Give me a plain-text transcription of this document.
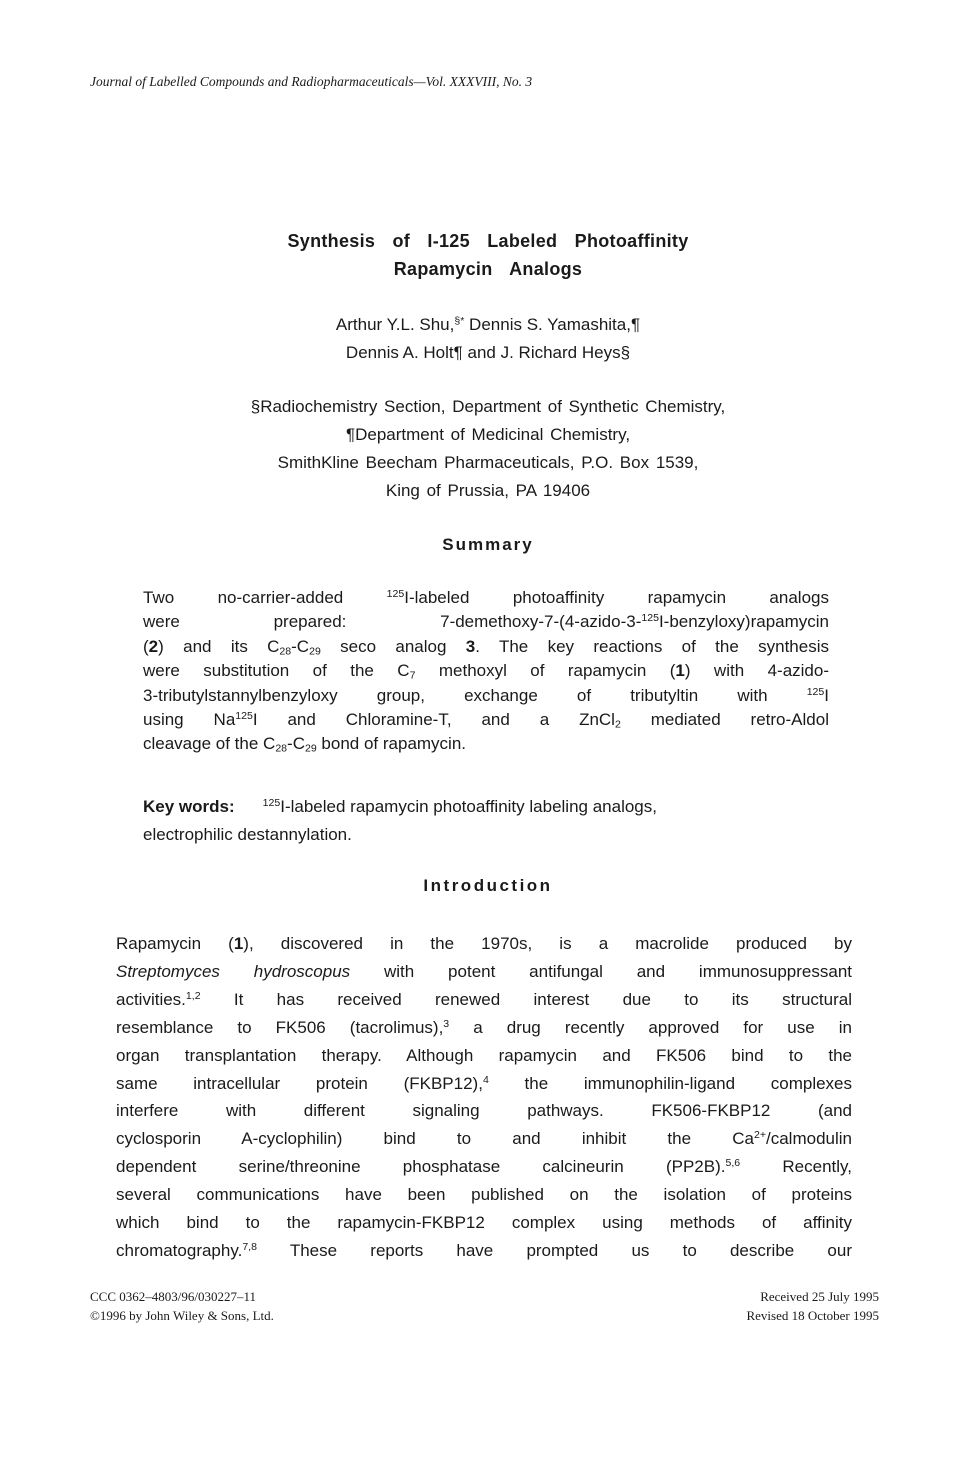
Journal of Labelled Compounds and Radiopharmaceuticals—Vol. XXXVIII, No. 3
Synthesis of I-125 Labeled Photoaffinity
Rapamycin Analogs
Arthur Y.L. Shu,§* Dennis S. Yamashita,¶
Dennis A. Holt¶ and J. Richard Heys§
§Radiochemistry Section, Department of Synthetic Chemistry,
¶Department of Medicinal Chemistry,
SmithKline Beecham Pharmaceuticals, P.O. Box 1539,
King of Prussia, PA 19406
Summary
Two no-carrier-added $^{125}$I-labeled photoaffinity rapamycin analogs
were prepared: 7-demethoxy-7-(4-azido-3-$^{125}$I-benzyloxy)rapamycin
(2) and its $C_{28}-C_{29}$ seco analog 3. The key reactions of the synthesis
were substitution of the $C_7$ methoxyl of rapamycin (1) with 4-azido-
3-tributylstannylbenzyloxy group, exchange of tributyltin with $^{125}$I
using Na$^{125}$I and Chloramine-T, and a ZnCl$_2$ mediated retro-Aldol
cleavage of the $C_{28}-C_{29}$ bond of rapamycin.
Key words:	$^{125}$I-labeled rapamycin photoaffinity labeling analogs,
electrophilic destannylation.
Introduction
Rapamycin (1), discovered in the 1970s, is a macrolide produced by
Streptomyces hydroscopus with potent antifungal and immunosuppressant
activities.$^{1,2}$ It has received renewed interest due to its structural
resemblance to FK506 (tacrolimus),$^3$ a drug recently approved for use in
organ transplantation therapy. Although rapamycin and FK506 bind to the
same intracellular protein (FKBP12),$^4$ the immunophilin-ligand complexes
interfere with different signaling pathways. FK506-FKBP12 (and
cyclosporin A-cyclophilin) bind to and inhibit the $Ca^{2+}$/calmodulin
dependent serine/threonine phosphatase calcineurin (PP2B).$^{5,6}$ Recently,
several communications have been published on the isolation of proteins
which bind to the rapamycin-FKBP12 complex using methods of affinity
chromatography.$^{7,8}$ These reports have prompted us to describe our
CCC 0362–4803/96/030227–11
©1996 by John Wiley & Sons, Ltd.
Received 25 July 1995
Revised 18 October 1995
